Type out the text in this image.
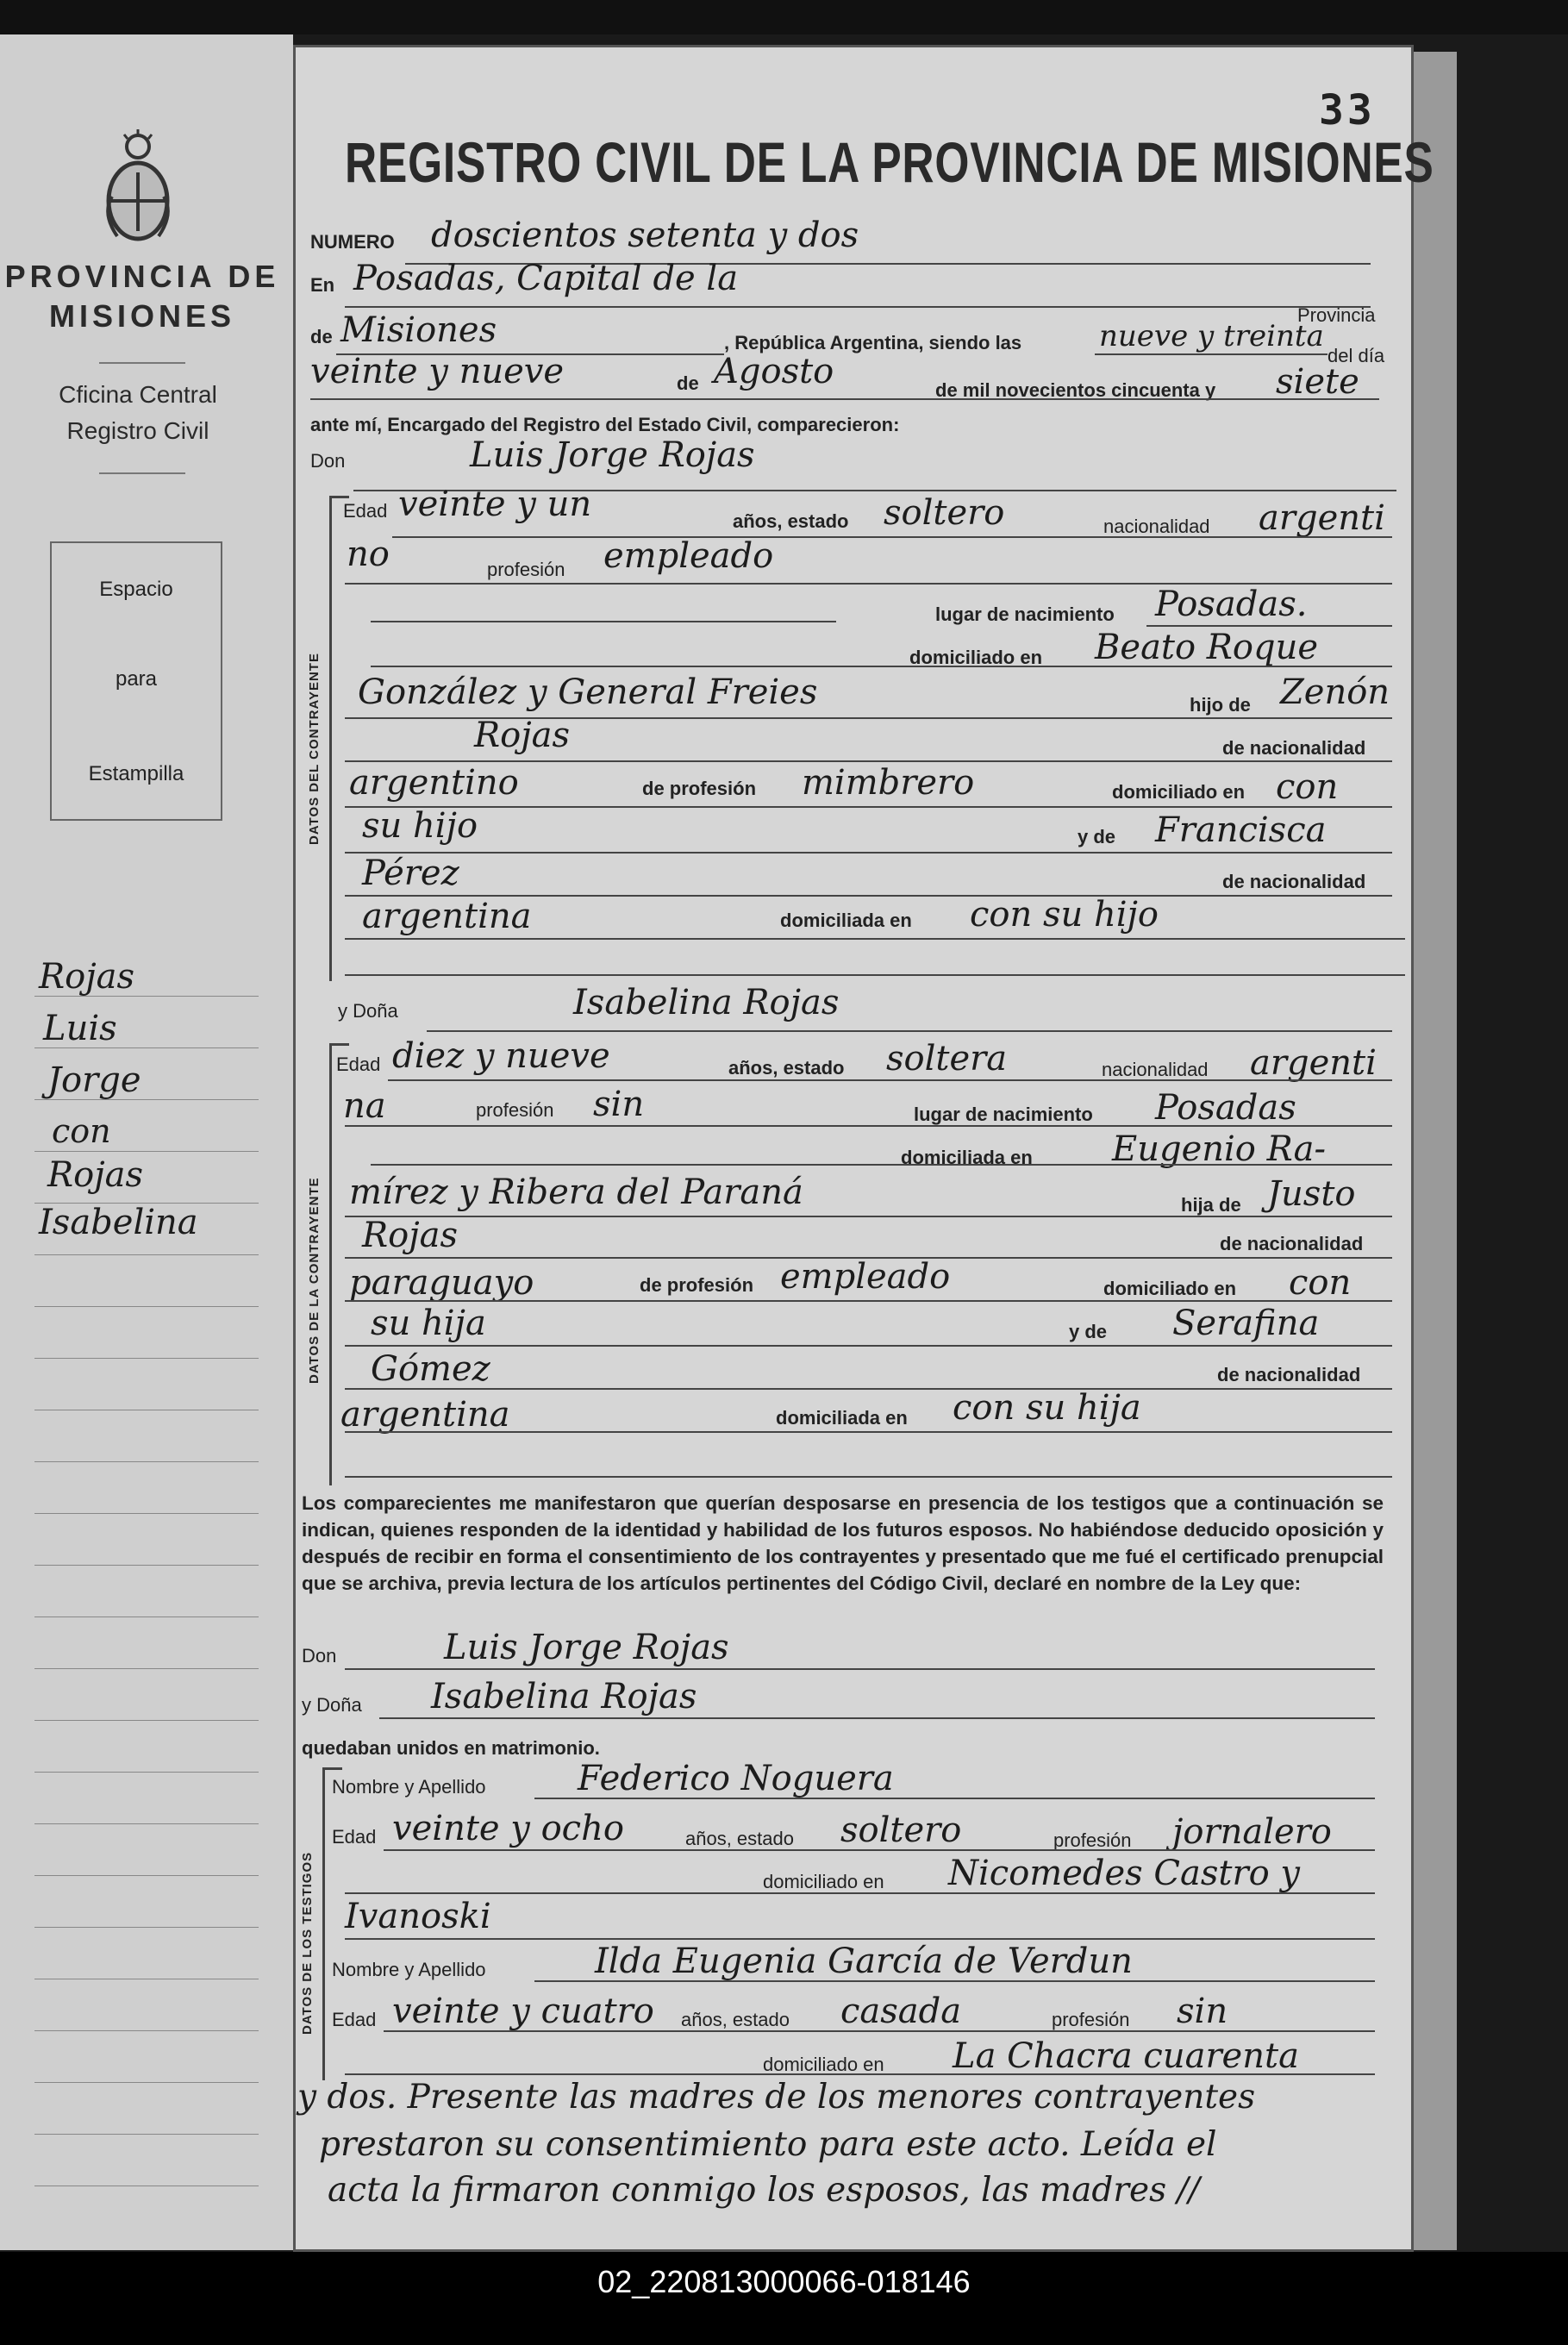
PROVINCIA DE
MISIONES
Cficina Central
Registro Civil
Espacio
para
Estampilla
Rojas
Luis
Jorge
con
Rojas
Isabelina
33
REGISTRO CIVIL DE LA PROVINCIA DE MISIONES
NUMERO doscientos setenta y dos
En Posadas, Capital de la
Provincia
de Misiones	, República Argentina, siendo las	nueve y treinta
del día
veinte y nueve	de Agosto	de mil novecientos cincuenta y siete
ante mí, Encargado del Registro del Estado Civil, comparecieron:
Don	Luis Jorge Rojas
DATOS DEL CONTRAYENTE
Edad veinte y un	años, estado soltero	nacionalidad argenti
no	profesión empleado
lugar de nacimiento Posadas.
domiciliado en Beato Roque
González y General Freies	hijo de Zenón
Rojas	de nacionalidad
argentino	de profesión mimbrero	domiciliado en con
su hijo	y de Francisca
Pérez	de nacionalidad
argentina	domiciliada en con su hijo
y Doña	Isabelina Rojas
DATOS DE LA CONTRAYENTE
Edad diez y nueve	años, estado soltera	nacionalidad argenti
na	profesión sin	lugar de nacimiento Posadas
domiciliada en Eugenio Ra-
mírez y Ribera del Paraná	hija de Justo
Rojas	de nacionalidad
paraguayo	de profesión empleado	domiciliado en con
su hija	y de Serafina
Gómez	de nacionalidad
argentina	domiciliada en con su hija
Los comparecientes me manifestaron que querían desposarse en presencia de los testigos que a continuación se indican, quienes responden de la identidad y habilidad de los futuros esposos. No habiéndose deducido oposición y después de recibir en forma el consentimiento de los contrayentes y presentado que me fué el certificado prenupcial que se archiva, previa lectura de los artículos pertinentes del Código Civil, declaré en nombre de la Ley que:
Don	Luis Jorge Rojas
y Doña Isabelina Rojas
quedaban unidos en matrimonio.
DATOS DE LOS TESTIGOS
Nombre y Apellido	Federico Noguera
Edad veinte y ocho	años, estado soltero	profesión jornalero
domiciliado en Nicomedes Castro y
Ivanoski
Nombre y Apellido	Ilda Eugenia García de Verdun
Edad veinte y cuatro años, estado casada	profesión sin
domiciliado en La Chacra cuarenta
y dos. Presente las madres de los menores contrayentes
prestaron su consentimiento para este acto. Leída el
acta la firmaron conmigo los esposos, las madres //
02_220813000066-018146
